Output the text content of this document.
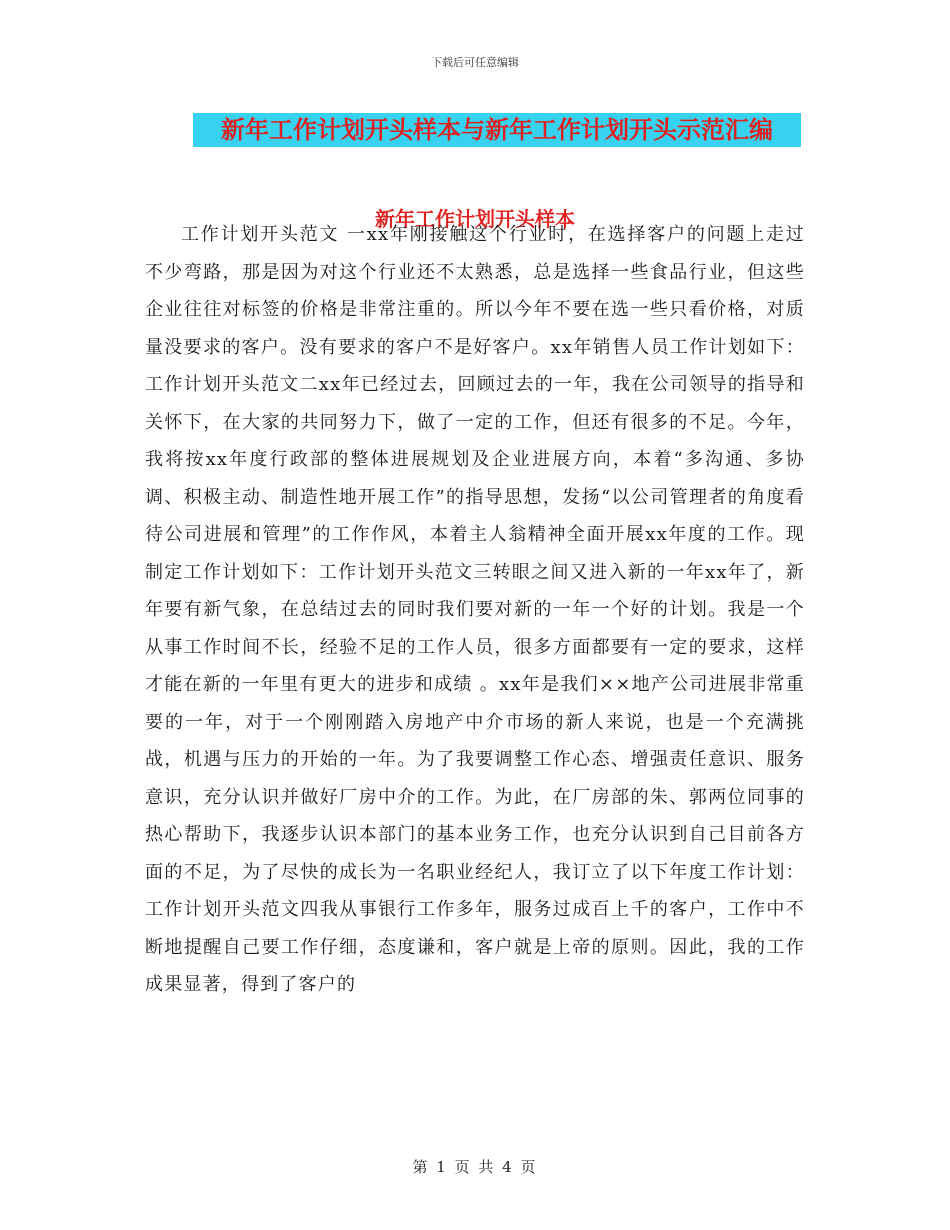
下载后可任意编辑
新年工作计划开头样本与新年工作计划开头示范汇编
新年工作计划开头样本

工作计划开头范文 一xx年刚接触这个行业时，在选择客户的问题上走过不少弯路，那是因为对这个行业还不太熟悉，总是选择一些食品行业，但这些企业往往对标签的价格是非常注重的。所以今年不要在选一些只看价格，对质量没要求的客户。没有要求的客户不是好客户。xx年销售人员工作计划如下：工作计划开头范文二xx年已经过去，回顾过去的一年，我在公司领导的指导和关怀下，在大家的共同努力下，做了一定的工作，但还有很多的不足。今年，我将按xx年度行政部的整体进展规划及企业进展方向，本着“多沟通、多协调、积极主动、制造性地开展工作”的指导思想，发扬“以公司管理者的角度看待公司进展和管理”的工作作风，本着主人翁精神全面开展xx年度的工作。现制定工作计划如下：工作计划开头范文三转眼之间又进入新的一年xx年了，新年要有新气象，在总结过去的同时我们要对新的一年一个好的计划。我是一个从事工作时间不长，经验不足的工作人员，很多方面都要有一定的要求，这样才能在新的一年里有更大的进步和成绩 。xx年是我们××地产公司进展非常重要的一年，对于一个刚刚踏入房地产中介市场的新人来说，也是一个充满挑战，机遇与压力的开始的一年。为了我要调整工作心态、增强责任意识、服务意识，充分认识并做好厂房中介的工作。为此，在厂房部的朱、郭两位同事的热心帮助下，我逐步认识本部门的基本业务工作，也充分认识到自己目前各方面的不足，为了尽快的成长为一名职业经纪人，我订立了以下年度工作计划：工作计划开头范文四我从事银行工作多年，服务过成百上千的客户，工作中不断地提醒自己要工作仔细，态度谦和，客户就是上帝的原则。因此，我的工作成果显著，得到了客户的

第 1 页 共 4 页
